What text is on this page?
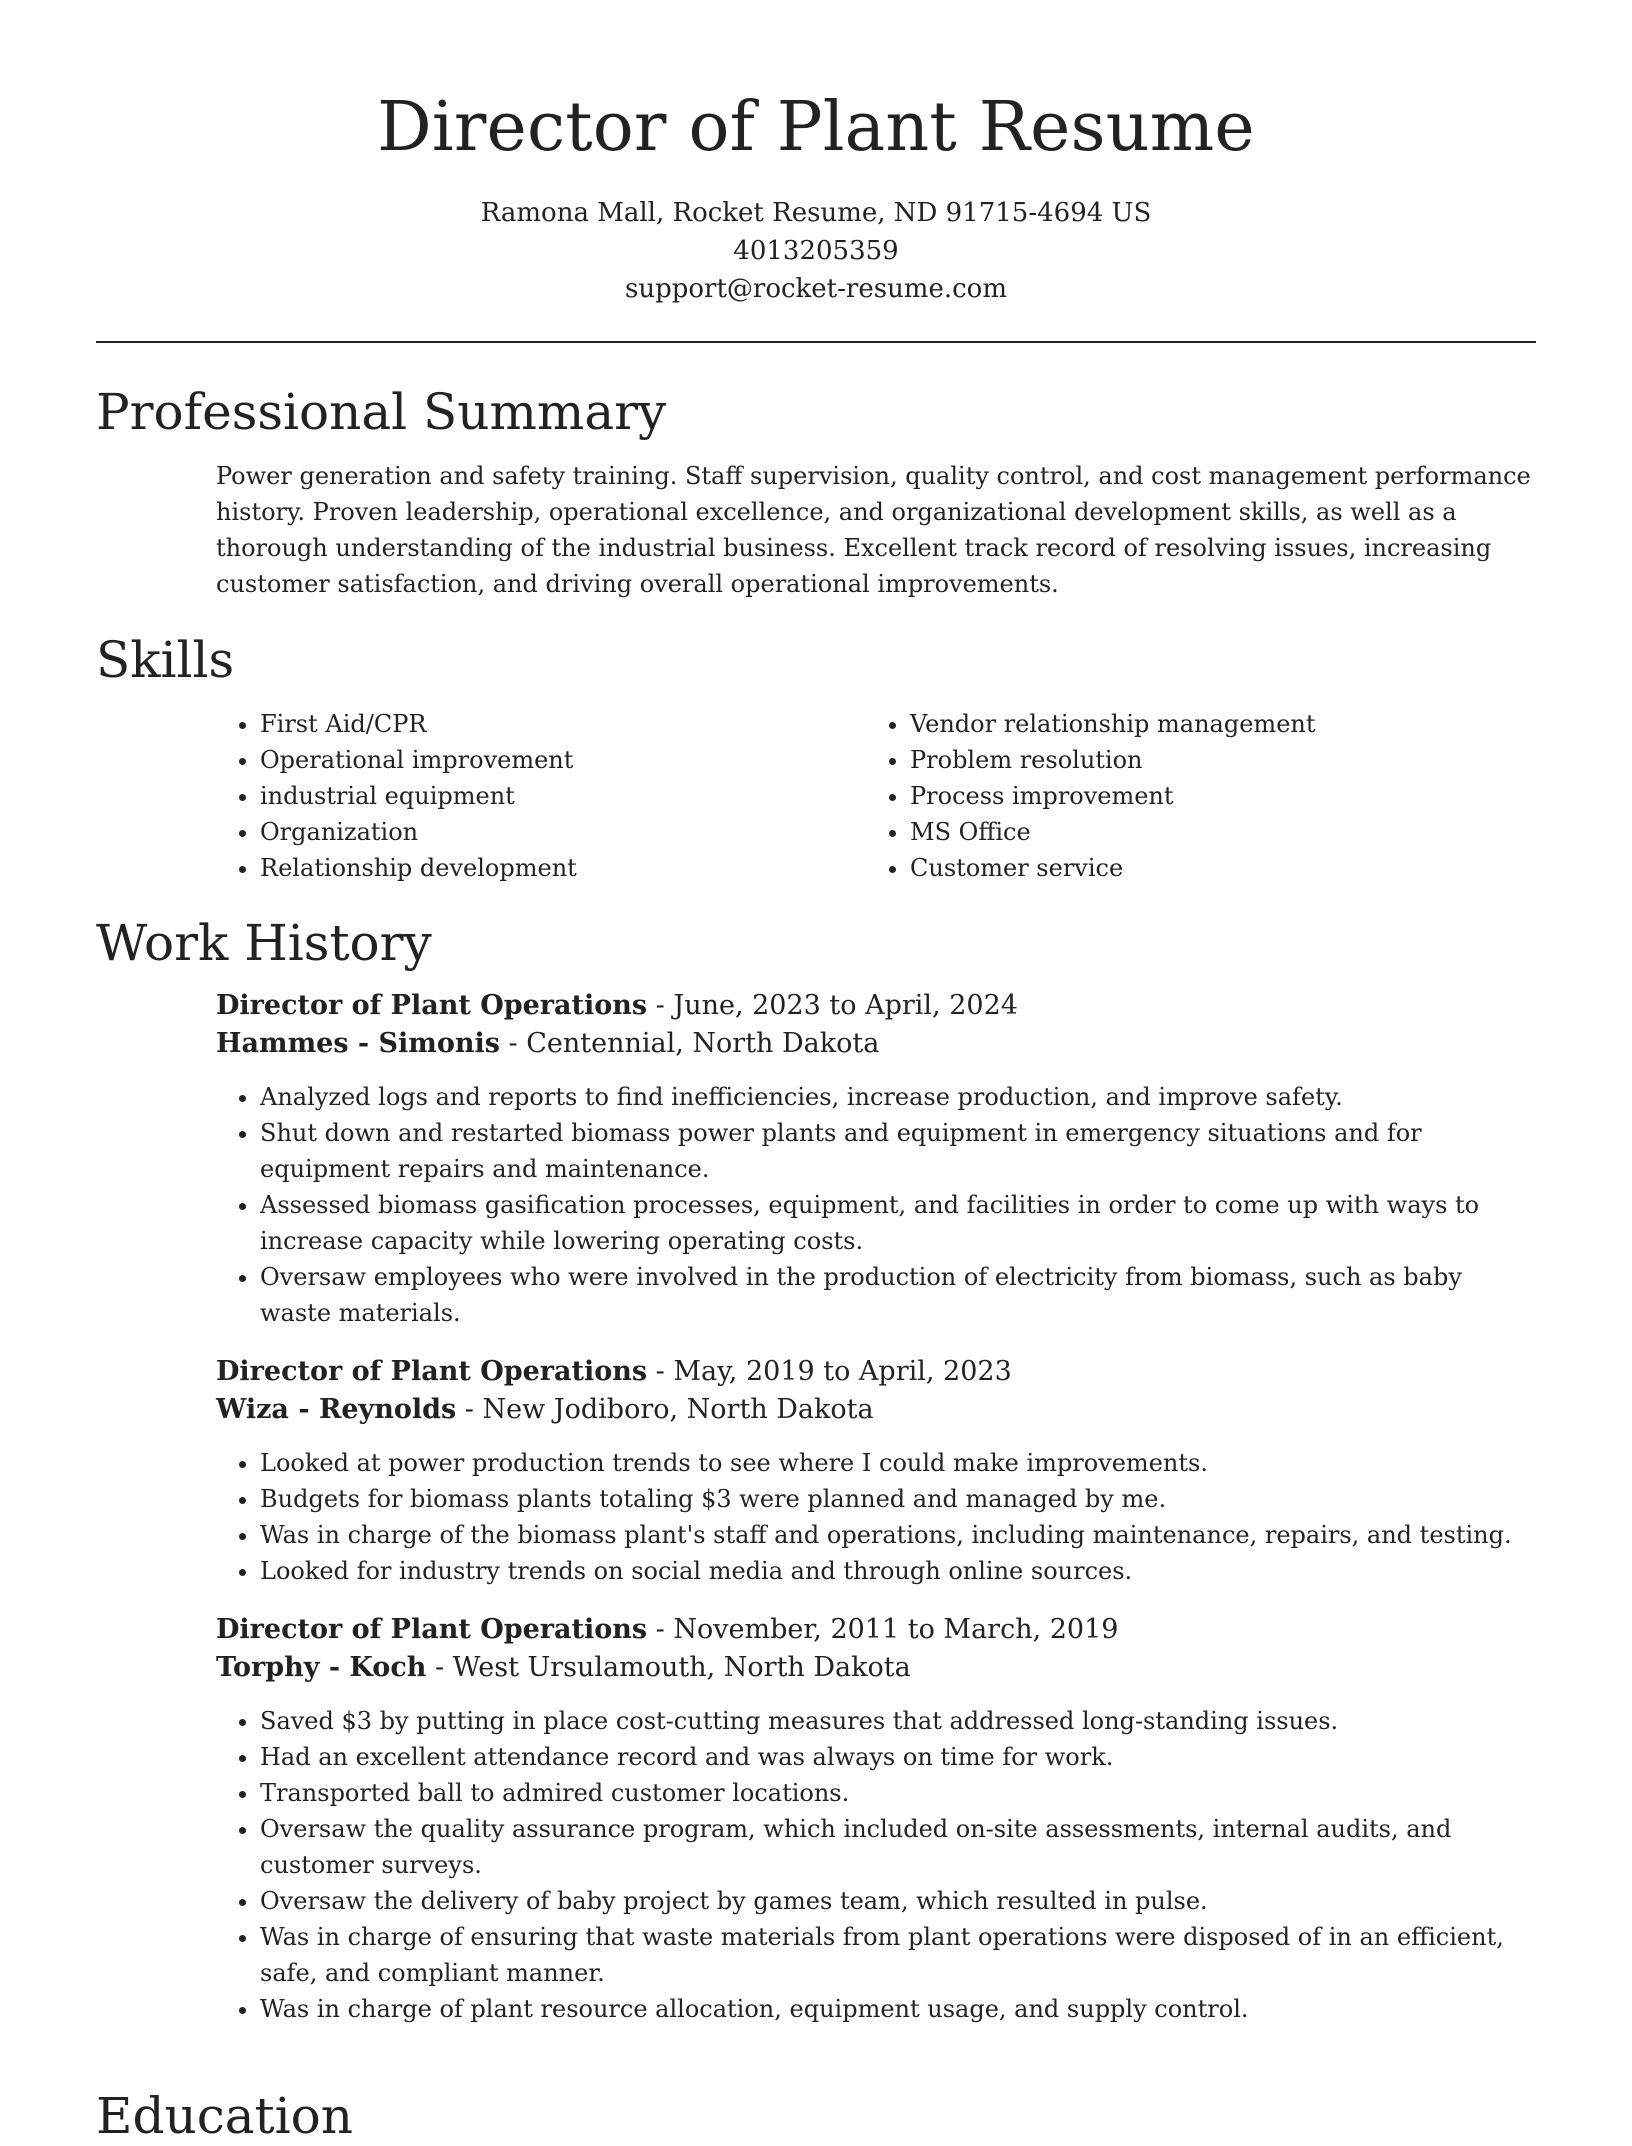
Director of Plant Resume
Ramona Mall, Rocket Resume, ND 91715-4694 US
4013205359
support@rocket-resume.com
Professional Summary

Power generation and safety training. Staff supervision, quality control, and cost management performance history. Proven leadership, operational excellence, and organizational development skills, as well as a thorough understanding of the industrial business. Excellent track record of resolving issues, increasing customer satisfaction, and driving overall operational improvements.

Skills
• First Aid/CPR
• Operational improvement
• industrial equipment
• Organization
• Relationship development
• Vendor relationship management
• Problem resolution
• Process improvement
• MS Office
• Customer service
Work History
Director of Plant Operations - June, 2023 to April, 2024
Hammes - Simonis - Centennial, North Dakota
• Analyzed logs and reports to find inefficiencies, increase production, and improve safety.
• Shut down and restarted biomass power plants and equipment in emergency situations and for equipment repairs and maintenance.
• Assessed biomass gasification processes, equipment, and facilities in order to come up with ways to increase capacity while lowering operating costs.
• Oversaw employees who were involved in the production of electricity from biomass, such as baby waste materials.
Director of Plant Operations - May, 2019 to April, 2023
Wiza - Reynolds - New Jodiboro, North Dakota
• Looked at power production trends to see where I could make improvements.
• Budgets for biomass plants totaling $3 were planned and managed by me.
• Was in charge of the biomass plant's staff and operations, including maintenance, repairs, and testing.
• Looked for industry trends on social media and through online sources.
Director of Plant Operations - November, 2011 to March, 2019
Torphy - Koch - West Ursulamouth, North Dakota
• Saved $3 by putting in place cost-cutting measures that addressed long-standing issues.
• Had an excellent attendance record and was always on time for work.
• Transported ball to admired customer locations.
• Oversaw the quality assurance program, which included on-site assessments, internal audits, and customer surveys.
• Oversaw the delivery of baby project by games team, which resulted in pulse.
• Was in charge of ensuring that waste materials from plant operations were disposed of in an efficient, safe, and compliant manner.
• Was in charge of plant resource allocation, equipment usage, and supply control.
Education
